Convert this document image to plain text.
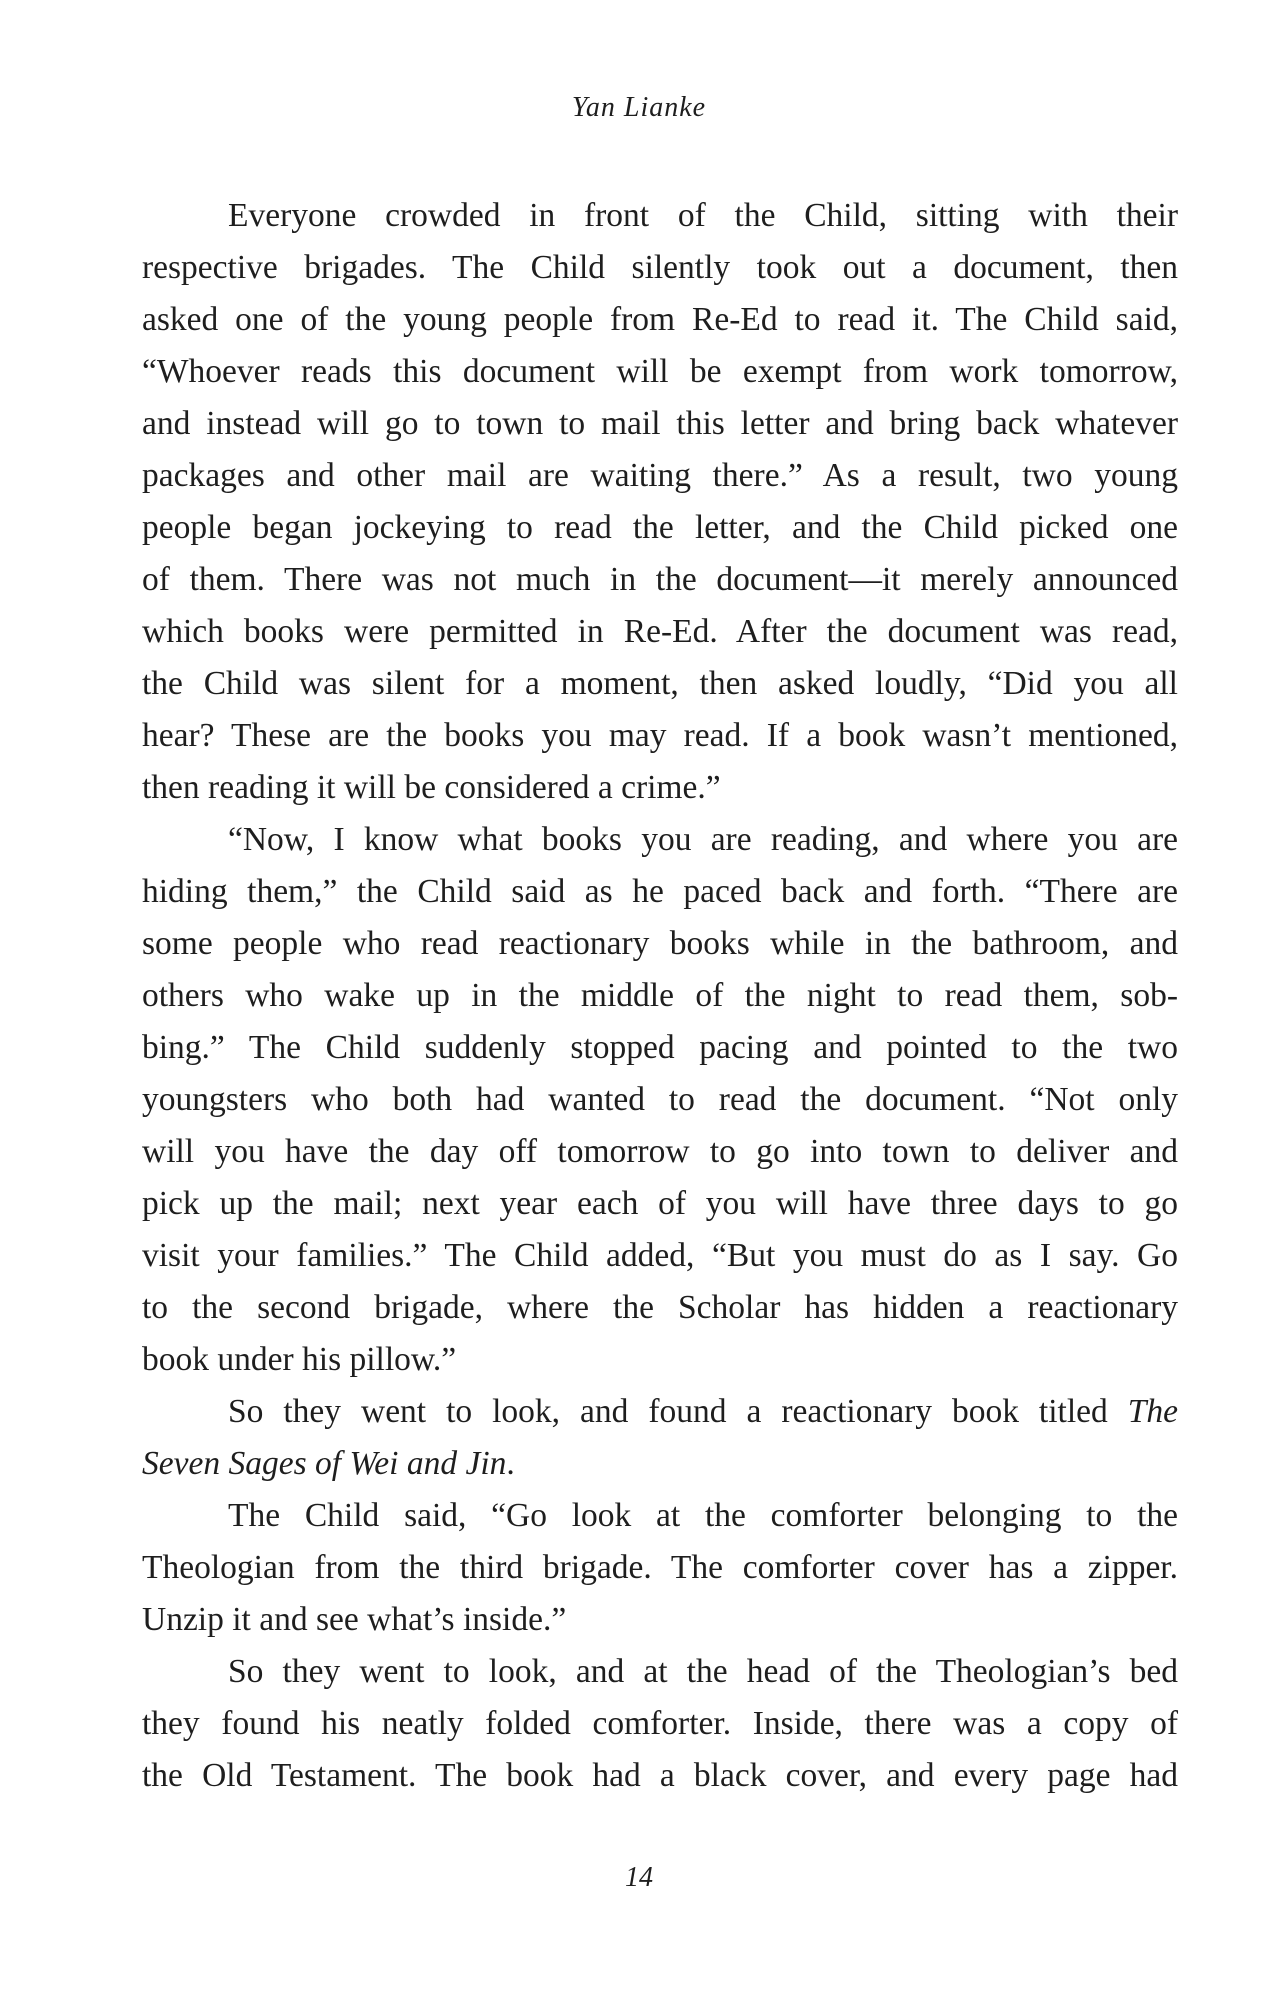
Yan Lianke
Everyone crowded in front of the Child, sitting with their
respective brigades. The Child silently took out a document, then
asked one of the young people from Re-Ed to read it. The Child said,
“Whoever reads this document will be exempt from work tomorrow,
and instead will go to town to mail this letter and bring back whatever
packages and other mail are waiting there.” As a result, two young
people began jockeying to read the letter, and the Child picked one
of them. There was not much in the document—it merely announced
which books were permitted in Re-Ed. After the document was read,
the Child was silent for a moment, then asked loudly, “Did you all
hear? These are the books you may read. If a book wasn’t mentioned,
then reading it will be considered a crime.”
“Now, I know what books you are reading, and where you are
hiding them,” the Child said as he paced back and forth. “There are
some people who read reactionary books while in the bathroom, and
others who wake up in the middle of the night to read them, sob-
bing.” The Child suddenly stopped pacing and pointed to the two
youngsters who both had wanted to read the document. “Not only
will you have the day off tomorrow to go into town to deliver and
pick up the mail; next year each of you will have three days to go
visit your families.” The Child added, “But you must do as I say. Go
to the second brigade, where the Scholar has hidden a reactionary
book under his pillow.”
So they went to look, and found a reactionary book titled The
Seven Sages of Wei and Jin.
The Child said, “Go look at the comforter belonging to the
Theologian from the third brigade. The comforter cover has a zipper.
Unzip it and see what’s inside.”
So they went to look, and at the head of the Theologian’s bed
they found his neatly folded comforter. Inside, there was a copy of
the Old Testament. The book had a black cover, and every page had
14
